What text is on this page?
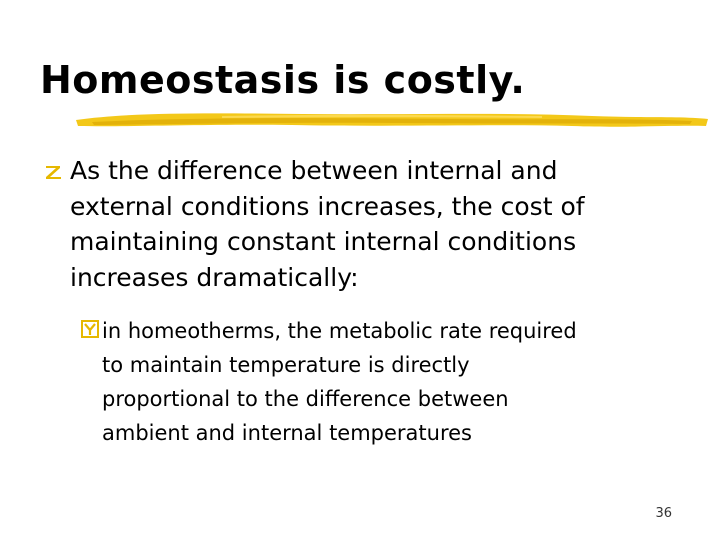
Homeostasis is costly.
As the difference between internal and
external conditions increases, the cost of
maintaining constant internal conditions
increases dramatically:
in homeotherms, the metabolic rate required
to maintain temperature is directly
proportional to the difference between
ambient and internal temperatures
36
